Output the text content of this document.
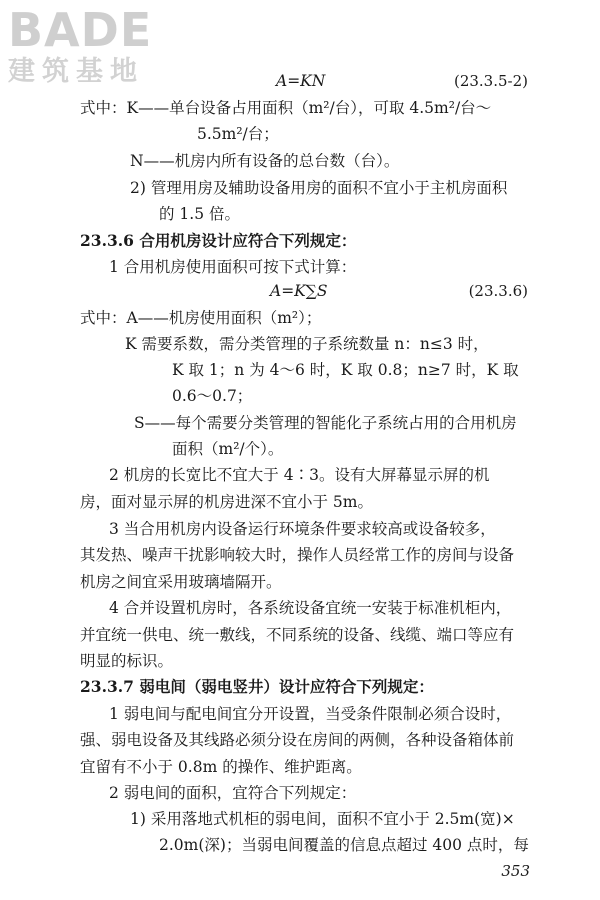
BADE
建筑基地	A=KN	(23.3.5-2)
式中：K——单台设备占用面积（m²/台），可取 4.5m²/台～
5.5m²/台；
N——机房内所有设备的总台数（台）。
2) 管理用房及辅助设备用房的面积不宜小于主机房面积
的 1.5 倍。
23.3.6 合用机房设计应符合下列规定：
1 合用机房使用面积可按下式计算：
A=K∑S	(23.3.6)
式中：A——机房使用面积（m²）；
K 需要系数，需分类管理的子系统数量 n：n≤3 时，
K 取 1；n 为 4～6 时，K 取 0.8；n≥7 时，K 取
0.6～0.7；
S——每个需要分类管理的智能化子系统占用的合用机房
面积（m²/个）。
2 机房的长宽比不宜大于 4∶3。设有大屏幕显示屏的机
房，面对显示屏的机房进深不宜小于 5m。
3 当合用机房内设备运行环境条件要求较高或设备较多，
其发热、噪声干扰影响较大时，操作人员经常工作的房间与设备
机房之间宜采用玻璃墙隔开。
4 合并设置机房时，各系统设备宜统一安装于标准机柜内，
并宜统一供电、统一敷线，不同系统的设备、线缆、端口等应有
明显的标识。
23.3.7 弱电间（弱电竖井）设计应符合下列规定：
1 弱电间与配电间宜分开设置，当受条件限制必须合设时，
强、弱电设备及其线路必须分设在房间的两侧，各种设备箱体前
宜留有不小于 0.8m 的操作、维护距离。
2 弱电间的面积，宜符合下列规定：
1) 采用落地式机柜的弱电间，面积不宜小于 2.5m(宽)×
2.0m(深)；当弱电间覆盖的信息点超过 400 点时，每
353
